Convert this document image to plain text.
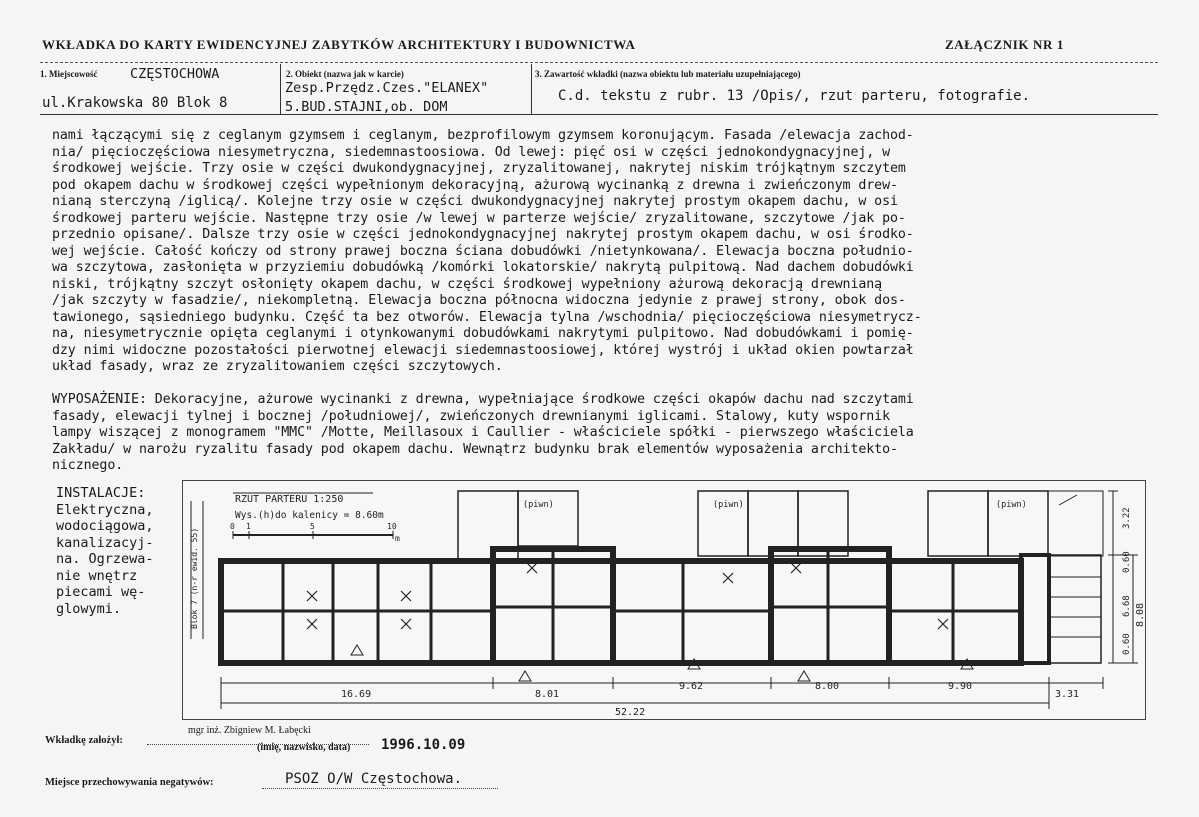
WKŁADKA DO KARTY EWIDENCYJNEJ ZABYTKÓW ARCHITEKTURY I BUDOWNICTWA	ZAŁĄCZNIK NR 1
1. Miejscowość CZĘSTOCHOWA
ul.Krakowska 80 Blok 8
2. Obiekt (nazwa jak w karcie)
Zesp.Przędz.Czes."ELANEX"
5.BUD.STAJNI,ob. DOM
3. Zawartość wkładki (nazwa obiektu lub materiału uzupełniającego)
C.d. tekstu z rubr. 13 /Opis/, rzut parteru, fotografie.
nami łączącymi się z ceglanym gzymsem i ceglanym, bezprofilowym gzymsem koronującym. Fasada /elewacja zachod-
nia/ pięcioczęściowa niesymetryczna, siedemnastoosiowa. Od lewej: pięć osi w części jednokondygnacyjnej, w
środkowej wejście. Trzy osie w części dwukondygnacyjnej, zryzalitowanej, nakrytej niskim trójkątnym szczytem
pod okapem dachu w środkowej części wypełnionym dekoracyjną, ażurową wycinanką z drewna i zwieńczonym drew-
nianą sterczyną /iglicą/. Kolejne trzy osie w części dwukondygnacyjnej nakrytej prostym okapem dachu, w osi
środkowej parteru wejście. Następne trzy osie /w lewej w parterze wejście/ zryzalitowane, szczytowe /jak po-
przednio opisane/. Dalsze trzy osie w części jednokondygnacyjnej nakrytej prostym okapem dachu, w osi środko-
wej wejście. Całość kończy od strony prawej boczna ściana dobudówki /nietynkowana/. Elewacja boczna południo-
wa szczytowa, zasłonięta w przyziemiu dobudówką /komórki lokatorskie/ nakrytą pulpitową. Nad dachem dobudówki
niski, trójkątny szczyt osłonięty okapem dachu, w części środkowej wypełniony ażurową dekoracją drewnianą
/jak szczyty w fasadzie/, niekompletną. Elewacja boczna północna widoczna jedynie z prawej strony, obok dos-
tawionego, sąsiedniego budynku. Część ta bez otworów. Elewacja tylna /wschodnia/ pięcioczęściowa niesymetrycz-
na, niesymetrycznie opięta ceglanymi i otynkowanymi dobudówkami nakrytymi pulpitowo. Nad dobudówkami i pomię-
dzy nimi widoczne pozostałości pierwotnej elewacji siedemnastoosiowej, której wystrój i układ okien powtarzał
układ fasady, wraz ze zryzalitowaniem części szczytowych.
WYPOSAŻENIE: Dekoracyjne, ażurowe wycinanki z drewna, wypełniające środkowe części okapów dachu nad szczytami
fasady, elewacji tylnej i bocznej /południowej/, zwieńczonych drewnianymi iglicami. Stalowy, kuty wspornik
lampy wiszącej z monogramem "MMC" /Motte, Meillasoux i Caullier - właściciele spółki - pierwszego właściciela
Zakładu/ w narożu ryzalitu fasady pod okapem dachu. Wewnątrz budynku brak elementów wyposażenia architekto-
nicznego.
INSTALACJE:
Elektryczna,
wodociągowa,
kanalizacyj-
na. Ogrzewa-
nie wnętrz
piecami wę-
glowymi.
RZUT PARTERU 1:250
Wys.(h)do kalenicy = 8.60m
0 1	5	10
m
Blok 7 (n-r ewid. 55)
(piwn)	(piwn)	(piwn)
16.69	8.01
9.62	8.00	9.90
3.31
52.22
3.22
0.60
6.68
0.60
8.08
Wkładkę założył:
mgr inż. Zbigniew M. Łabęcki
(imię, nazwisko, data) 1996.10.09
Miejsce przechowywania negatywów:	PSOZ O/W Częstochowa.
